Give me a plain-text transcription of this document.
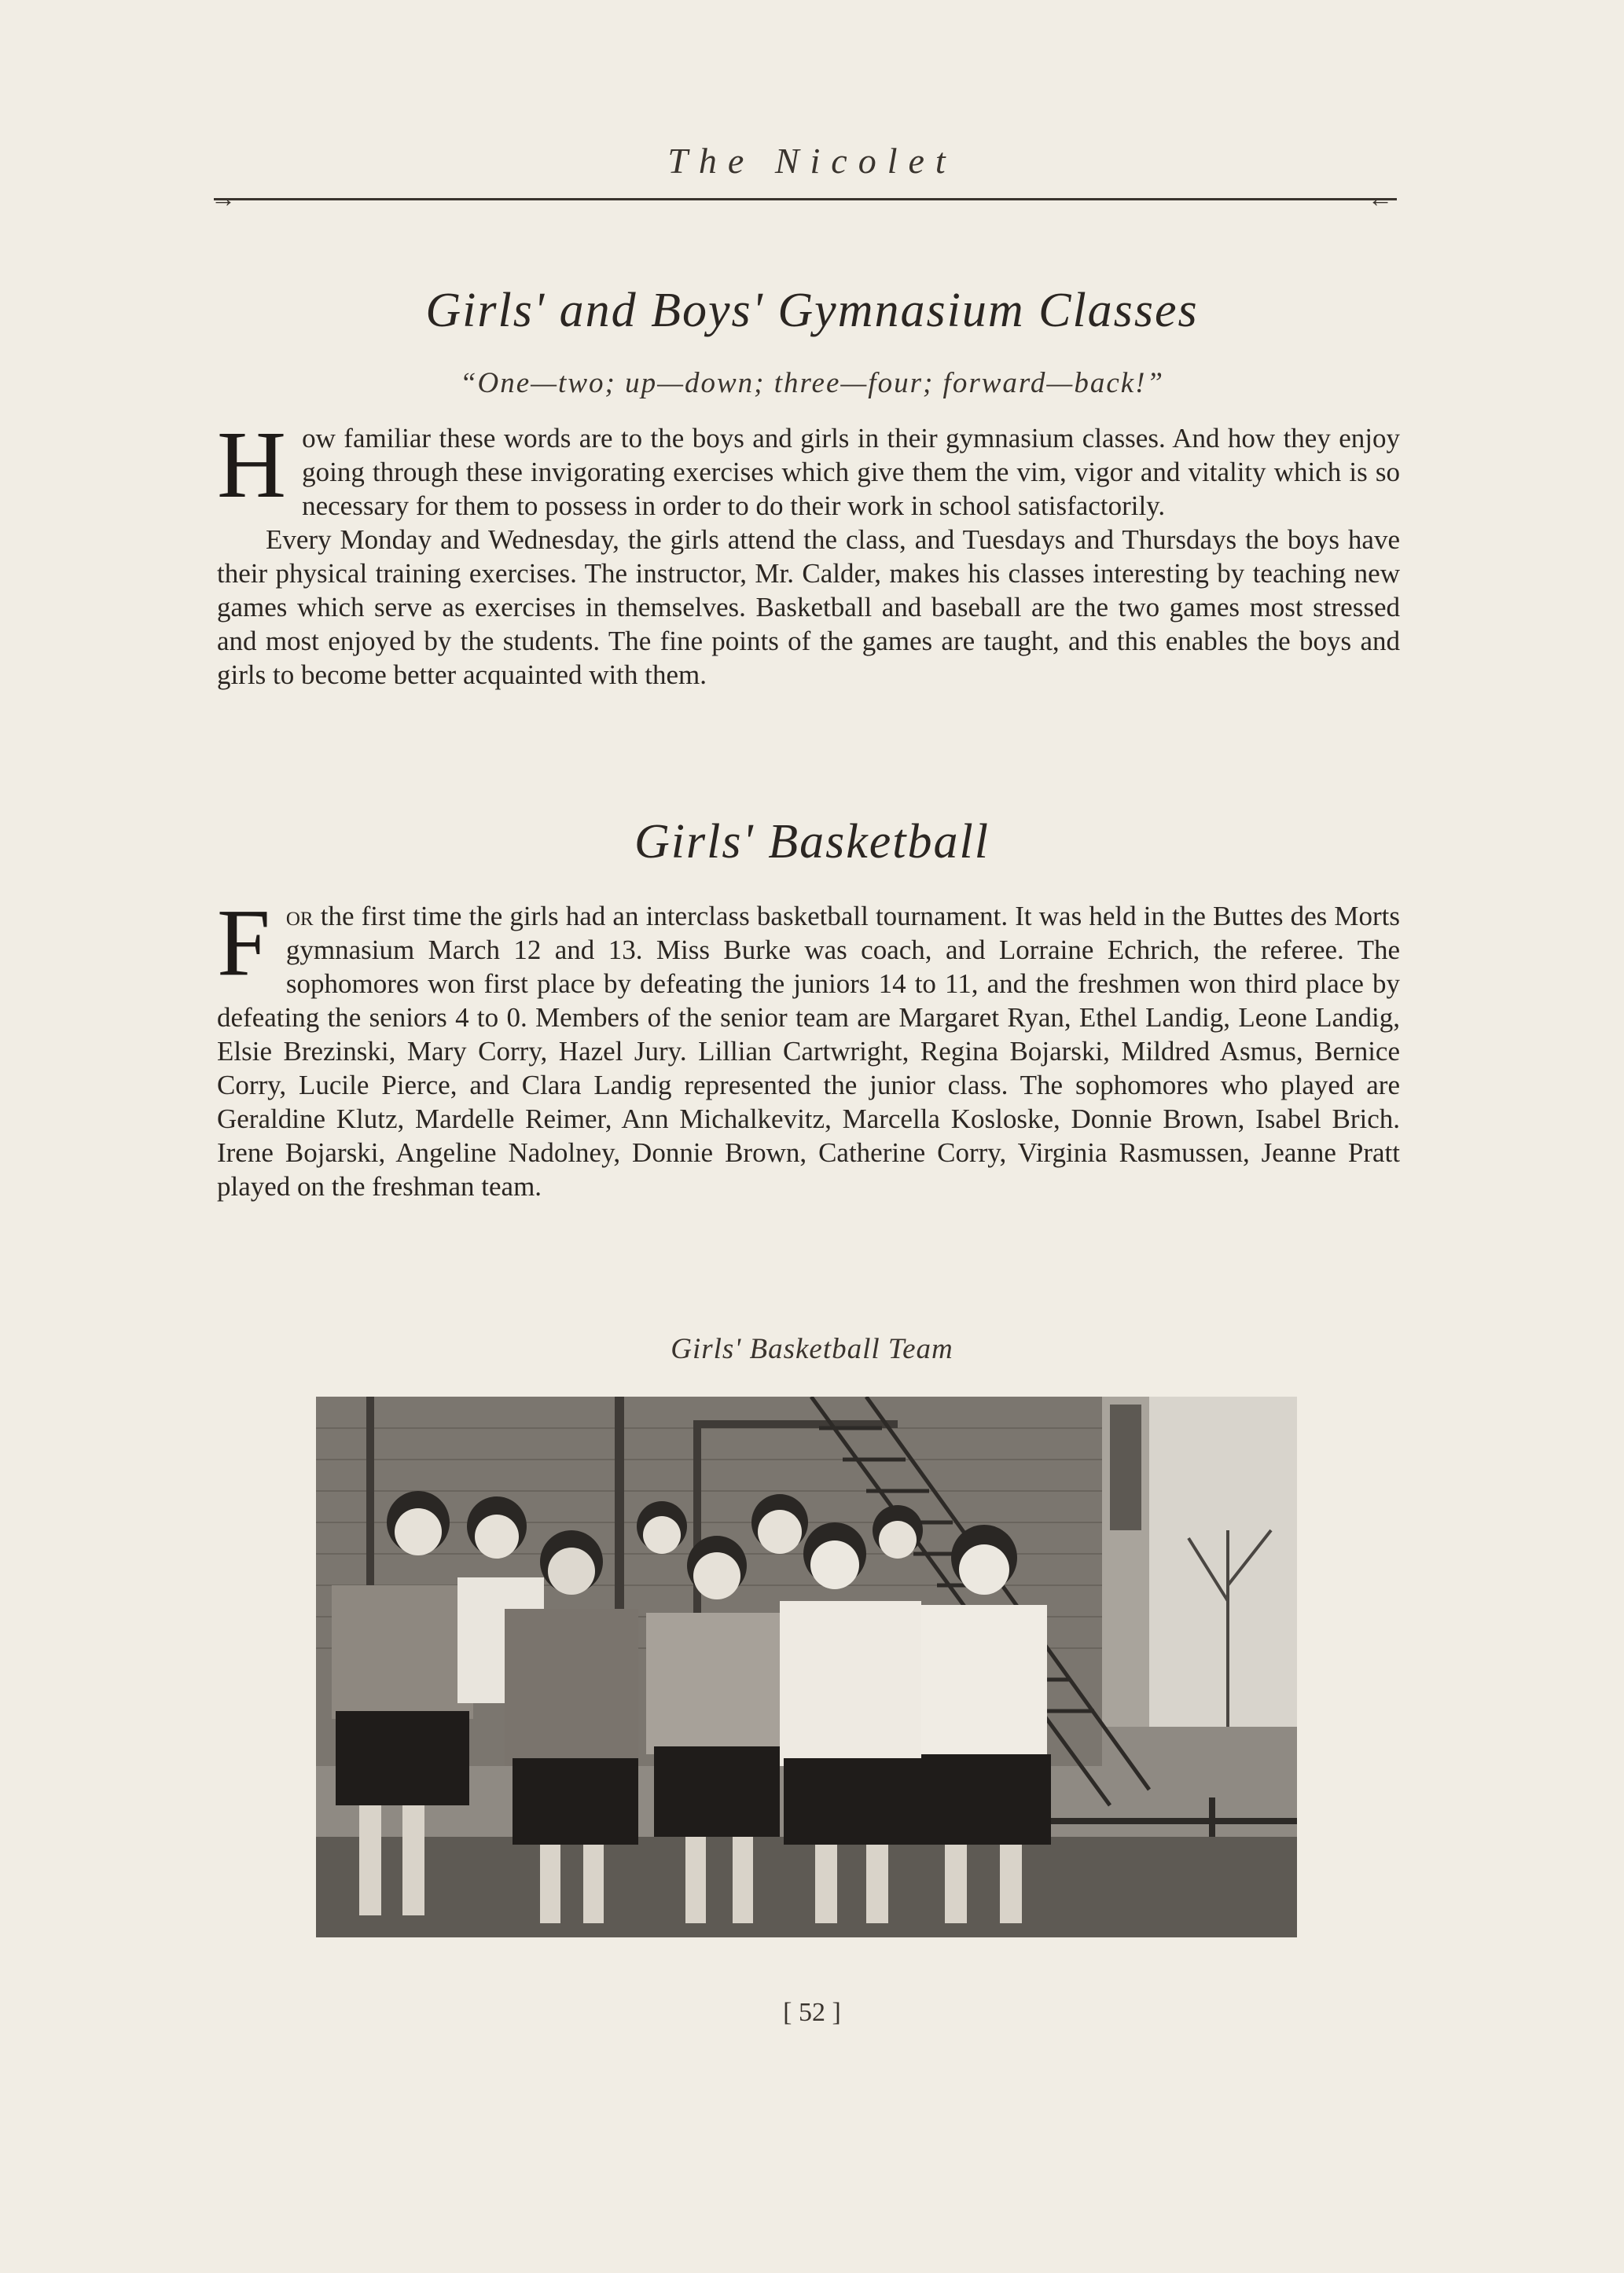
The Nicolet
→	←
Girls' and Boys' Gymnasium Classes
“One—two; up—down; three—four; forward—back!”

How familiar these words are to the boys and girls in their gymnasium classes. And how they enjoy going through these invigorating exercises which give them the vim, vigor and vitality which is so necessary for them to possess in order to do their work in school satisfactorily.

Every Monday and Wednesday, the girls attend the class, and Tuesdays and Thursdays the boys have their physical training exercises. The instructor, Mr. Calder, makes his classes interesting by teaching new games which serve as exercises in themselves. Basketball and baseball are the two games most stressed and most enjoyed by the students. The fine points of the games are taught, and this enables the boys and girls to become better acquainted with them.

Girls' Basketball

For the first time the girls had an interclass basketball tournament. It was held in the Buttes des Morts gymnasium March 12 and 13. Miss Burke was coach, and Lorraine Echrich, the referee. The sophomores won first place by defeating the juniors 14 to 11, and the freshmen won third place by defeating the seniors 4 to 0. Members of the senior team are Margaret Ryan, Ethel Landig, Leone Landig, Elsie Brezinski, Mary Corry, Hazel Jury. Lillian Cartwright, Regina Bojarski, Mildred Asmus, Bernice Corry, Lucile Pierce, and Clara Landig represented the junior class. The sophomores who played are Geraldine Klutz, Mardelle Reimer, Ann Michalkevitz, Marcella Kosloske, Donnie Brown, Isabel Brich. Irene Bojarski, Angeline Nadolney, Donnie Brown, Catherine Corry, Virginia Rasmussen, Jeanne Pratt played on the freshman team.

Girls' Basketball Team
[ 52 ]
